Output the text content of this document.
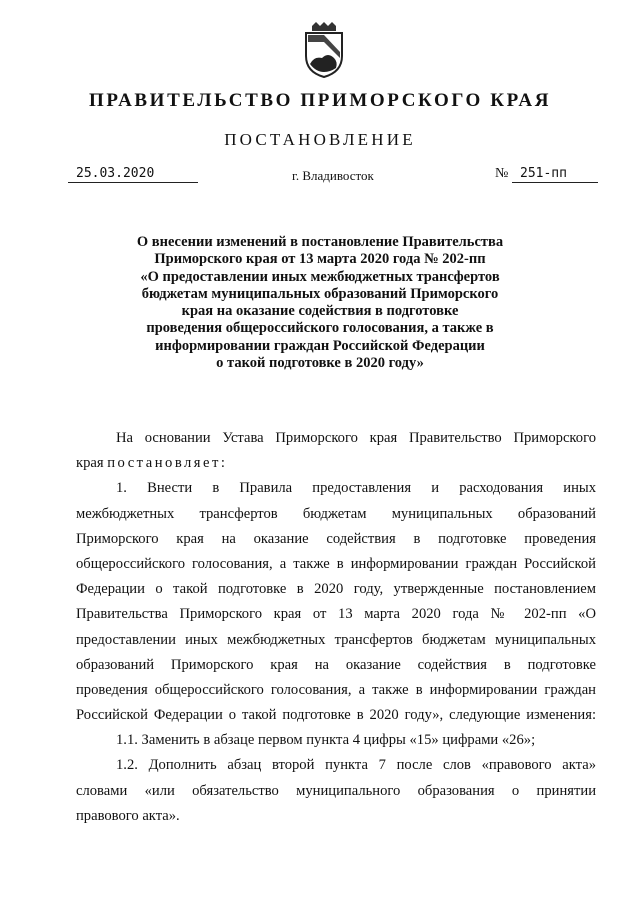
ПРАВИТЕЛЬСТВО ПРИМОРСКОГО КРАЯ
ПОСТАНОВЛЕНИЕ
25.03.2020	г. Владивосток	№ 251-пп

О внесении изменений в постановление Правительства
Приморского края от 13 марта 2020 года № 202-пп
«О предоставлении иных межбюджетных трансфертов
бюджетам муниципальных образований Приморского
края на оказание содействия в подготовке
проведения общероссийского голосования, а также в
информировании граждан Российской Федерации
о такой подготовке в 2020 году»

На основании Устава Приморского края Правительство Приморского
края постановляет:
1. Внести в Правила предоставления и расходования иных
межбюджетных трансфертов бюджетам муниципальных образований
Приморского края на оказание содействия в подготовке проведения
общероссийского голосования, а также в информировании граждан Российской
Федерации о такой подготовке в 2020 году, утвержденные постановлением
Правительства Приморского края от 13 марта 2020 года № 202-пп «О
предоставлении иных межбюджетных трансфертов бюджетам муниципальных
образований Приморского края на оказание содействия в подготовке
проведения общероссийского голосования, а также в информировании граждан
Российской Федерации о такой подготовке в 2020 году», следующие изменения:
1.1. Заменить в абзаце первом пункта 4 цифры «15» цифрами «26»;
1.2. Дополнить абзац второй пункта 7 после слов «правового акта»
словами «или обязательство муниципального образования о принятии
правового акта».
